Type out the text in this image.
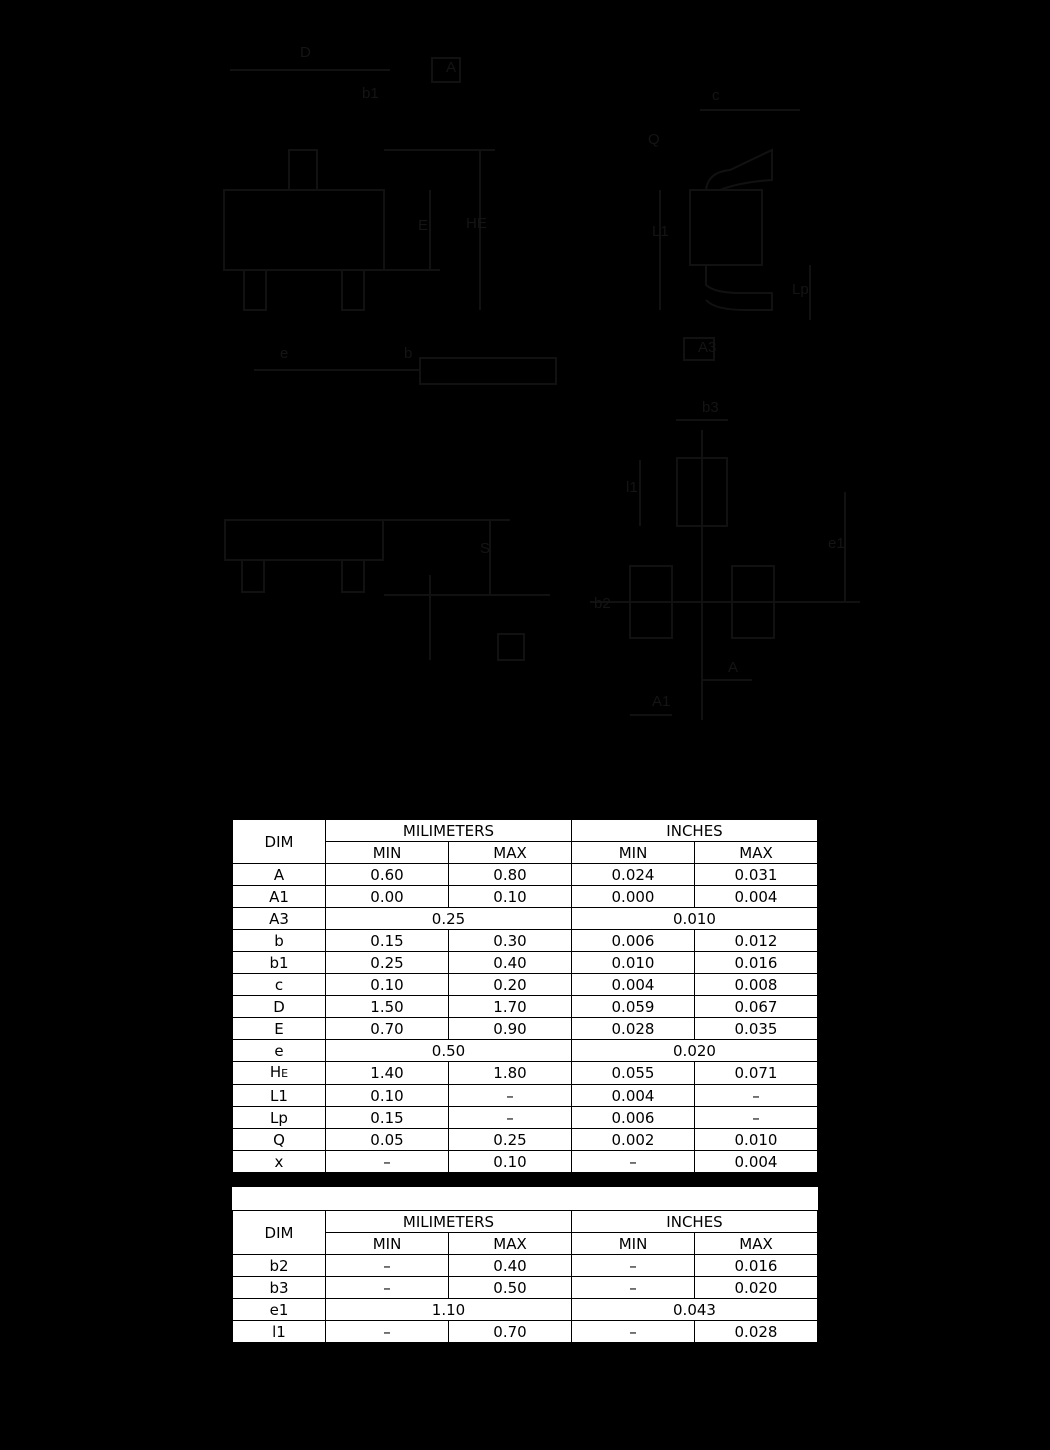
D
b1
A
HE
E
e	b
c
Q
L1
Lp
A3
b3
l1
e1
b2
A
A1
S
DIM	MILIMETERS		INCHES	
	MIN	MAX	MIN	MAX
A	0.60	0.80	0.024	0.031
A1	0.00	0.10	0.000	0.004
A3	0.25		0.010	
b	0.15	0.30	0.006	0.012
b1	0.25	0.40	0.010	0.016
c	0.10	0.20	0.004	0.008
D	1.50	1.70	0.059	0.067
E	0.70	0.90	0.028	0.035
e	0.50		0.020	
HE	1.40	1.80	0.055	0.071
L1	0.10	–	0.004	–
Lp	0.15	–	0.006	–
Q	0.05	0.25	0.002	0.010
x	–	0.10	–	0.004
DIM	MILIMETERS		INCHES	
	MIN	MAX	MIN	MAX
b2	–	0.40	–	0.016
b3	–	0.50	–	0.020
e1	1.10		0.043	
l1	–	0.70	–	0.028
